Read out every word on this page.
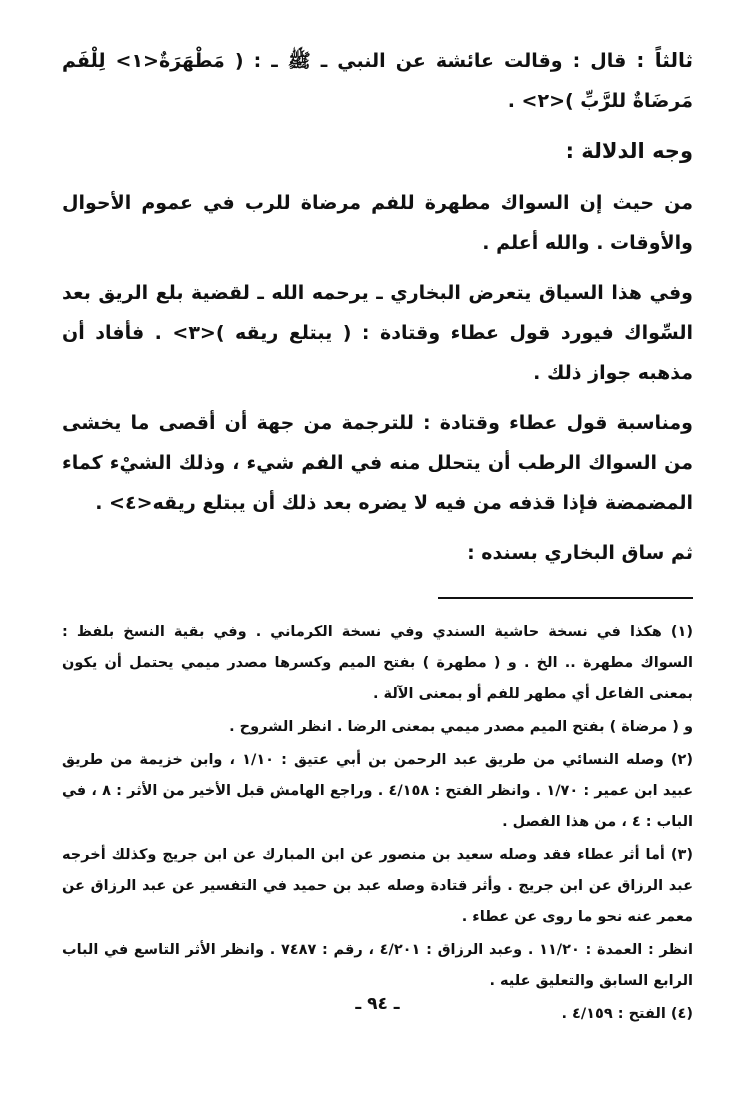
ثالثاً : قال : وقالت عائشة عن النبي ـ ﷺ ـ : ( مَطْهَرَةٌ<١> لِلْفَم مَرضَاةٌ للرَّبِّ )<٢> .

وجه الدلالة :

من حيث إن السواك مطهرة للفم مرضاة للرب في عموم الأحوال والأوقات . والله أعلم .

وفي هذا السياق يتعرض البخاري ـ يرحمه الله ـ لقضية بلع الريق بعد السِّواك فيورد قول عطاء وقتادة : ( يبتلع ريقه )<٣> . فأفاد أن مذهبه جواز ذلك .

ومناسبة قول عطاء وقتادة : للترجمة من جهة أن أقصى ما يخشى من السواك الرطب أن يتحلل منه في الفم شيء ، وذلك الشيْء كماء المضمضة فإذا قذفه من فيه لا يضره بعد ذلك أن يبتلع ريقه<٤> .

ثم ساق البخاري بسنده :

(١) هكذا في نسخة حاشية السندي وفي نسخة الكرماني . وفي بقية النسخ بلفظ : السواك مطهرة .. الخ . و ( مطهرة ) بفتح الميم وكسرها مصدر ميمي يحتمل أن يكون بمعنى الفاعل أي مطهر للفم أو بمعنى الآلة .

و ( مرضاة ) بفتح الميم مصدر ميمي بمعنى الرضا . انظر الشروح .

(٢) وصله النسائي من طريق عبد الرحمن بن أبي عتيق : ١/١٠ ، وابن خزيمة من طريق عبيد ابن عمير : ١/٧٠ . وانظر الفتح : ٤/١٥٨ . وراجع الهامش قبل الأخير من الأثر : ٨ ، في الباب : ٤ ، من هذا الفصل .

(٣) أما أثر عطاء فقد وصله سعيد بن منصور عن ابن المبارك عن ابن جريج وكذلك أخرجه عبد الرزاق عن ابن جريج . وأثر قتادة وصله عبد بن حميد في التفسير عن عبد الرزاق عن معمر عنه نحو ما روى عن عطاء .

انظر : العمدة : ١١/٢٠ . وعبد الرزاق : ٤/٢٠١ ، رقم : ٧٤٨٧ . وانظر الأثر التاسع في الباب الرابع السابق والتعليق عليه .

(٤) الفتح : ٤/١٥٩ .

ـ ٩٤ ـ
